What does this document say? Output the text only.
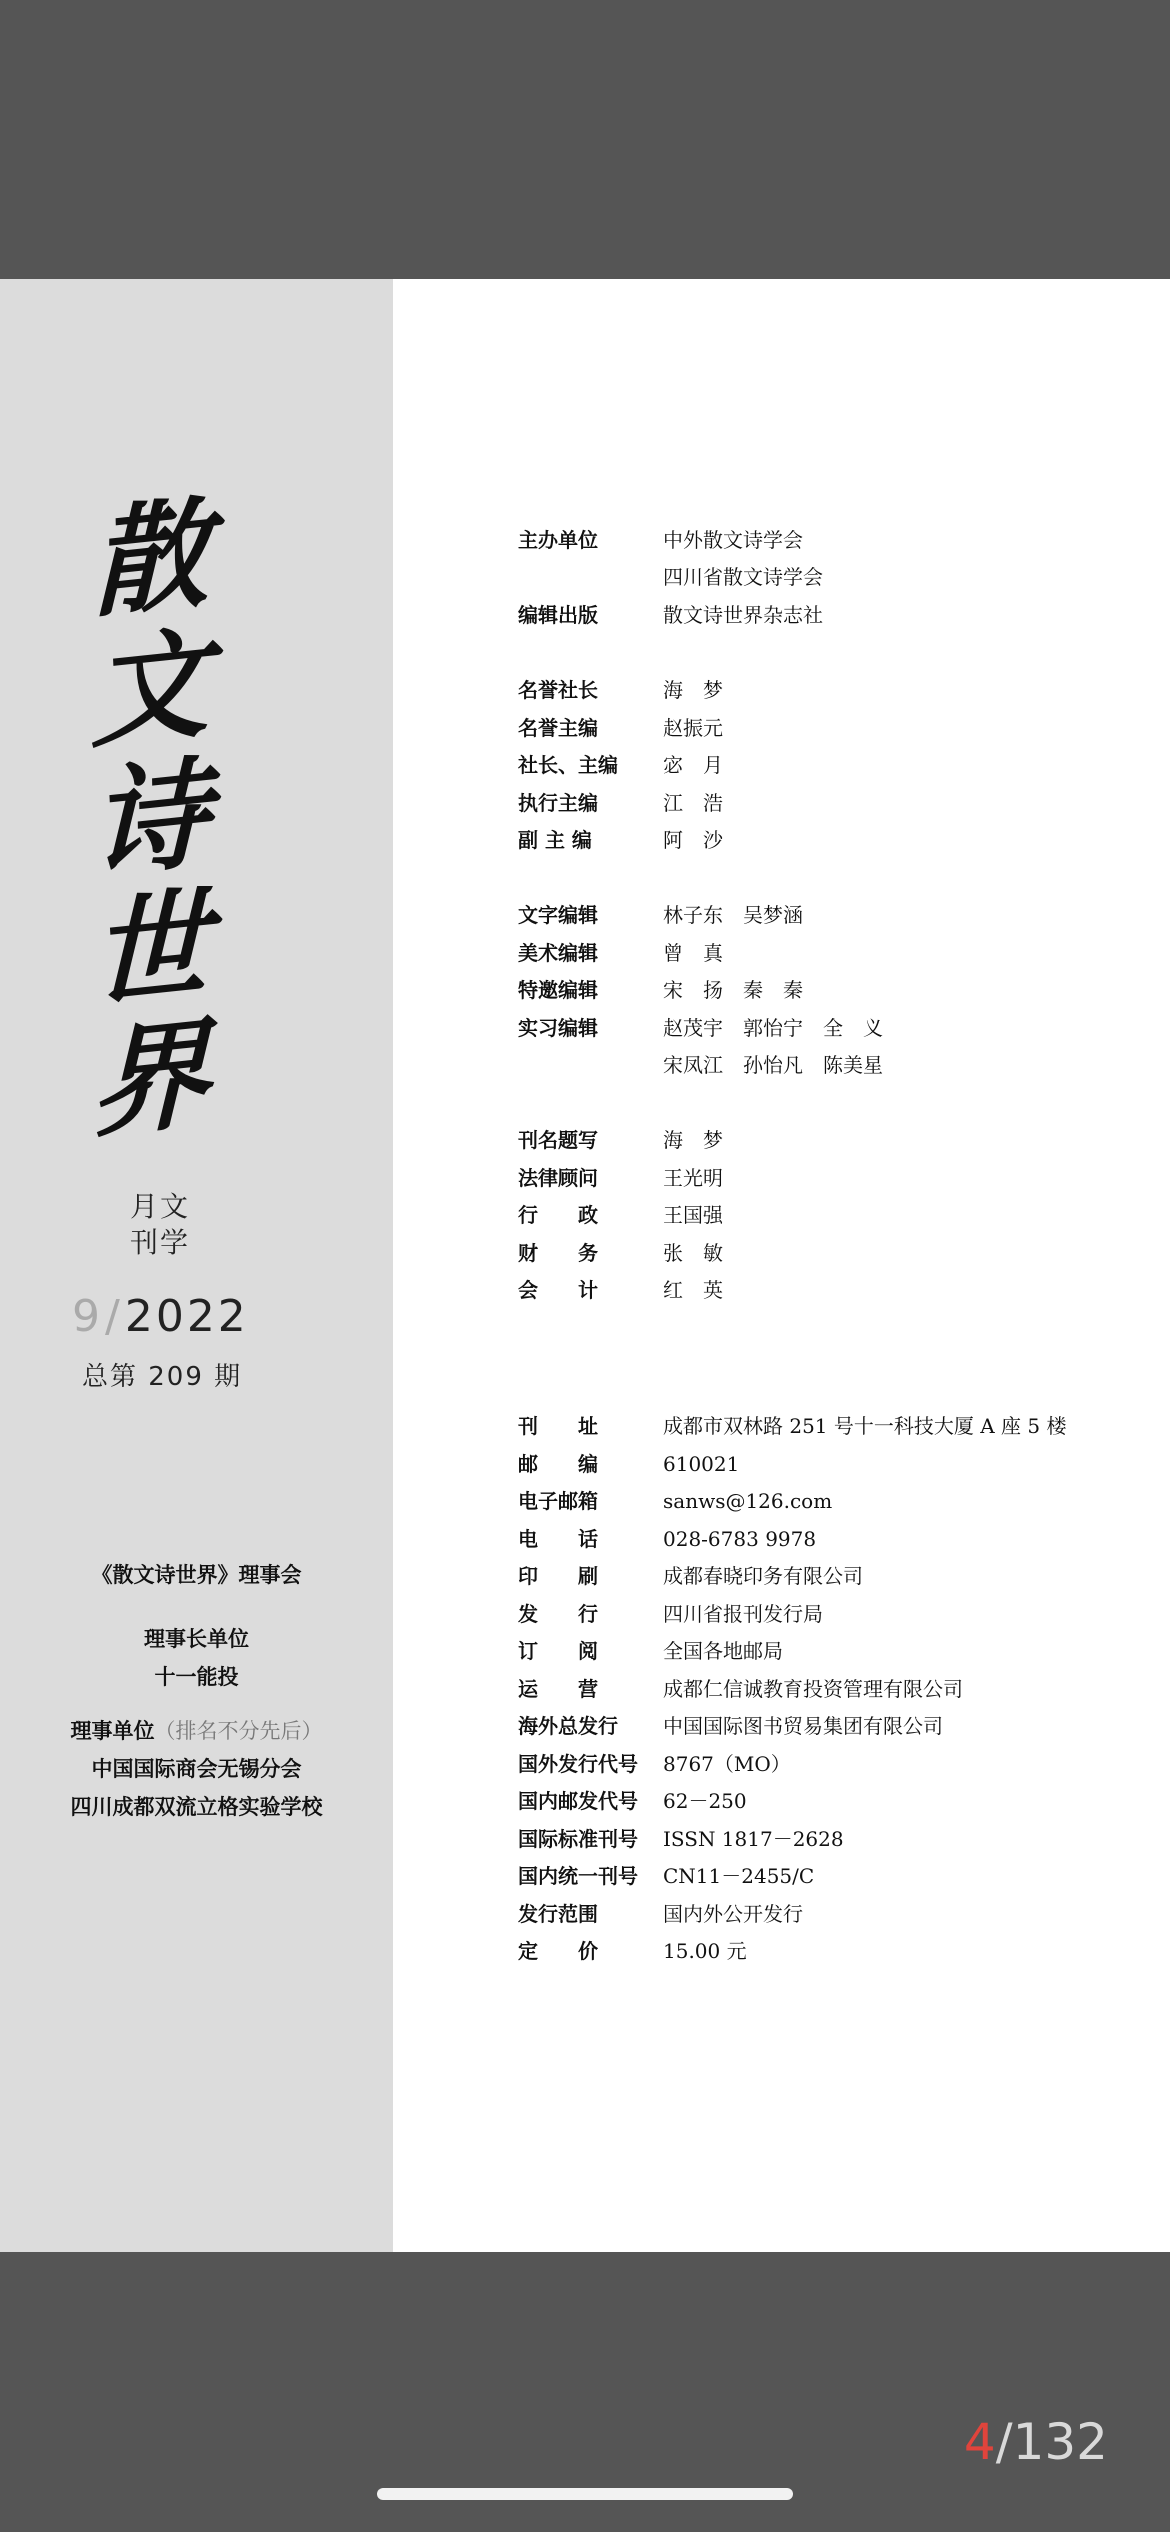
散
文
诗
世
界
月文
刊学
9/2022
总第 209 期
《散文诗世界》理事会
理事长单位
十一能投
理事单位（排名不分先后）
中国国际商会无锡分会
四川成都双流立格实验学校
主办单位	中外散文诗学会
四川省散文诗学会
编辑出版	散文诗世界杂志社
名誉社长	海　梦
名誉主编	赵振元
社长、主编	宓　月
执行主编	江　浩
副 主 编	阿　沙
文字编辑	林子东　吴梦涵
美术编辑	曾　真
特邀编辑	宋　扬　秦　秦
实习编辑	赵茂宇　郭怡宁　全　义
宋凤江　孙怡凡　陈美星
刊名题写	海　梦
法律顾问	王光明
行　　政	王国强
财　　务	张　敏
会　　计	红　英
刊　　址	成都市双林路 251 号十一科技大厦 A 座 5 楼
邮　　编	610021
电子邮箱	sanws@126.com
电　　话	028-6783 9978
印　　刷	成都春晓印务有限公司
发　　行	四川省报刊发行局
订　　阅	全国各地邮局
运　　营	成都仁信诚教育投资管理有限公司
海外总发行	中国国际图书贸易集团有限公司
国外发行代号	8767（MO）
国内邮发代号	62－250
国际标准刊号	ISSN 1817－2628
国内统一刊号	CN11－2455/C
发行范围	国内外公开发行
定　　价	15.00 元
4/132
